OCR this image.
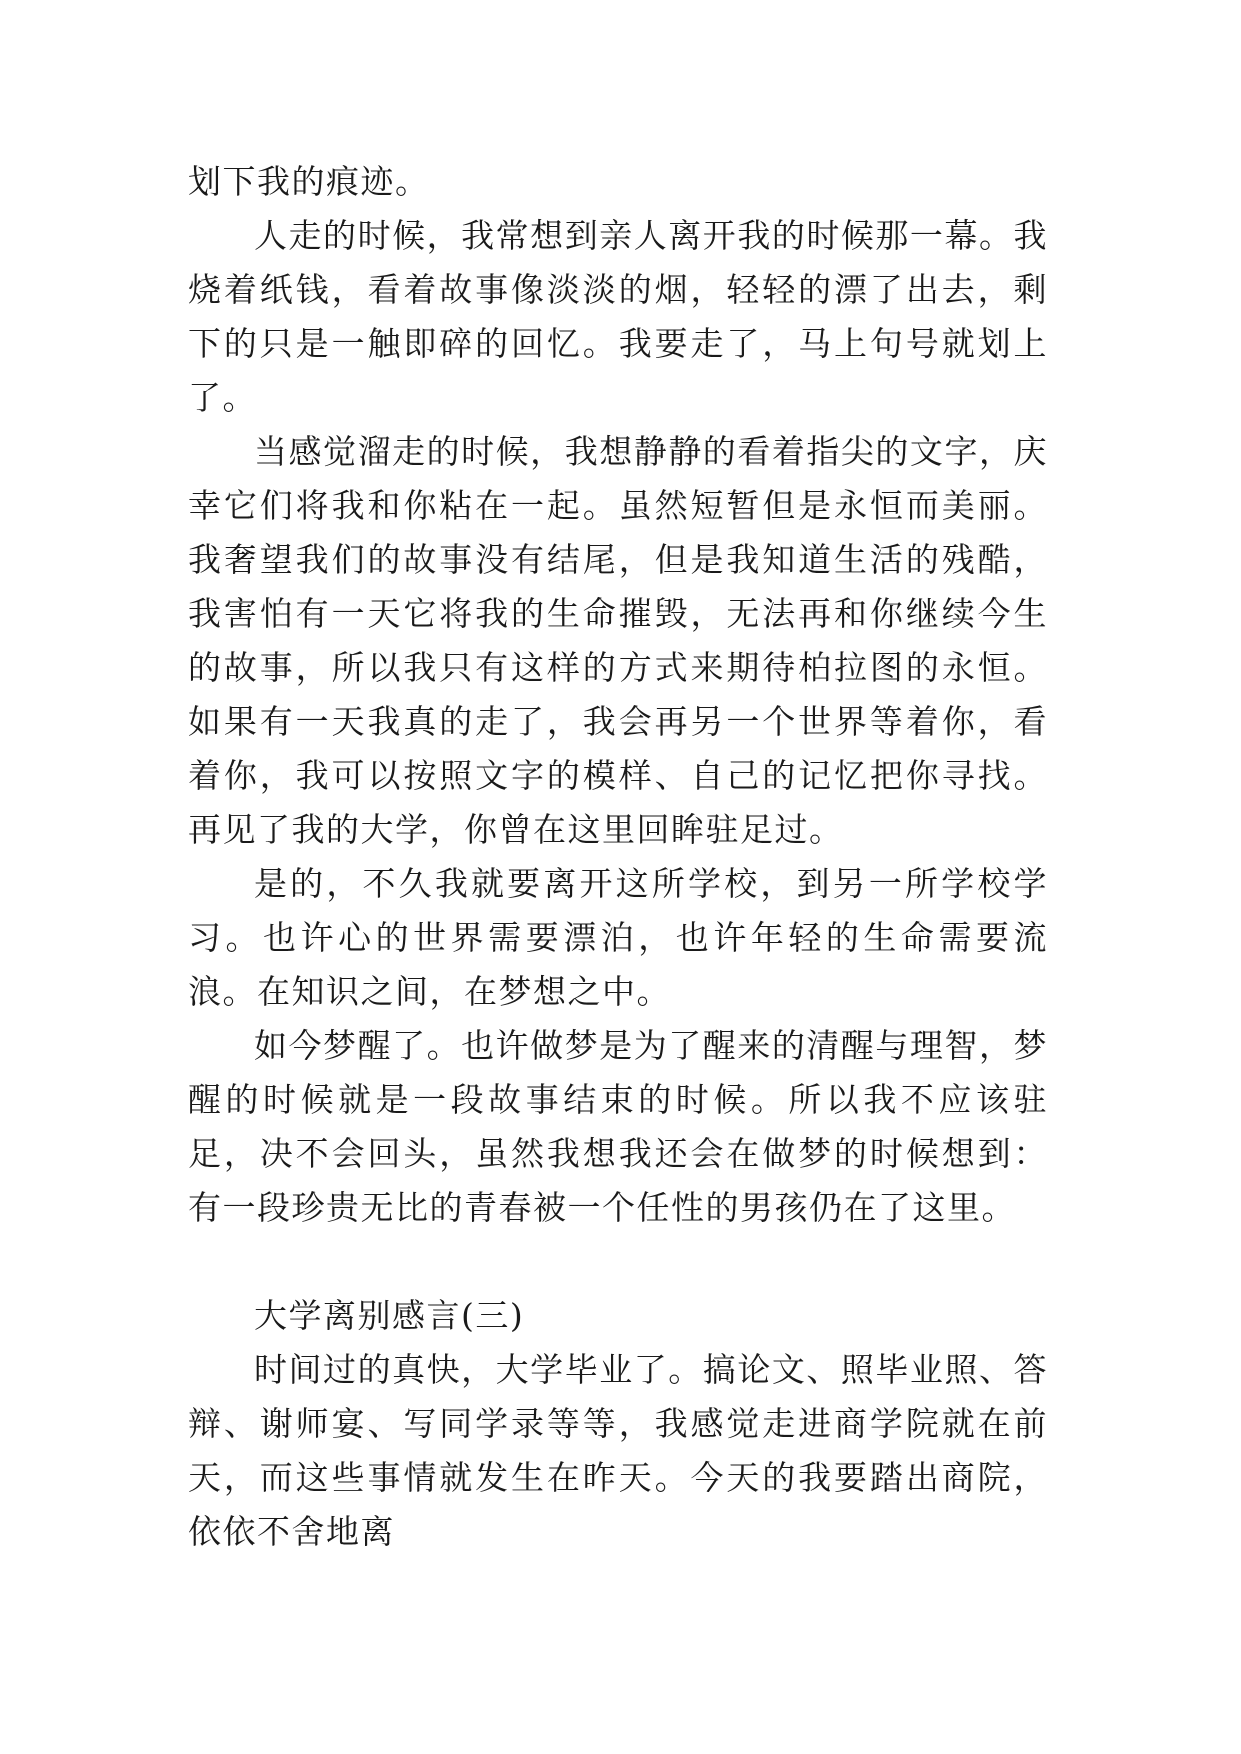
划下我的痕迹。

人走的时候，我常想到亲人离开我的时候那一幕。我烧着纸钱，看着故事像淡淡的烟，轻轻的漂了出去，剩下的只是一触即碎的回忆。我要走了，马上句号就划上了。

当感觉溜走的时候，我想静静的看着指尖的文字，庆幸它们将我和你粘在一起。虽然短暂但是永恒而美丽。我奢望我们的故事没有结尾，但是我知道生活的残酷，我害怕有一天它将我的生命摧毁，无法再和你继续今生的故事，所以我只有这样的方式来期待柏拉图的永恒。如果有一天我真的走了，我会再另一个世界等着你，看着你，我可以按照文字的模样、自己的记忆把你寻找。再见了我的大学，你曾在这里回眸驻足过。

是的，不久我就要离开这所学校，到另一所学校学习。也许心的世界需要漂泊，也许年轻的生命需要流浪。在知识之间，在梦想之中。

如今梦醒了。也许做梦是为了醒来的清醒与理智，梦醒的时候就是一段故事结束的时候。所以我不应该驻足，决不会回头，虽然我想我还会在做梦的时候想到：有一段珍贵无比的青春被一个任性的男孩仍在了这里。

大学离别感言(三)

时间过的真快，大学毕业了。搞论文、照毕业照、答辩、谢师宴、写同学录等等，我感觉走进商学院就在前天，而这些事情就发生在昨天。今天的我要踏出商院，依依不舍地离
